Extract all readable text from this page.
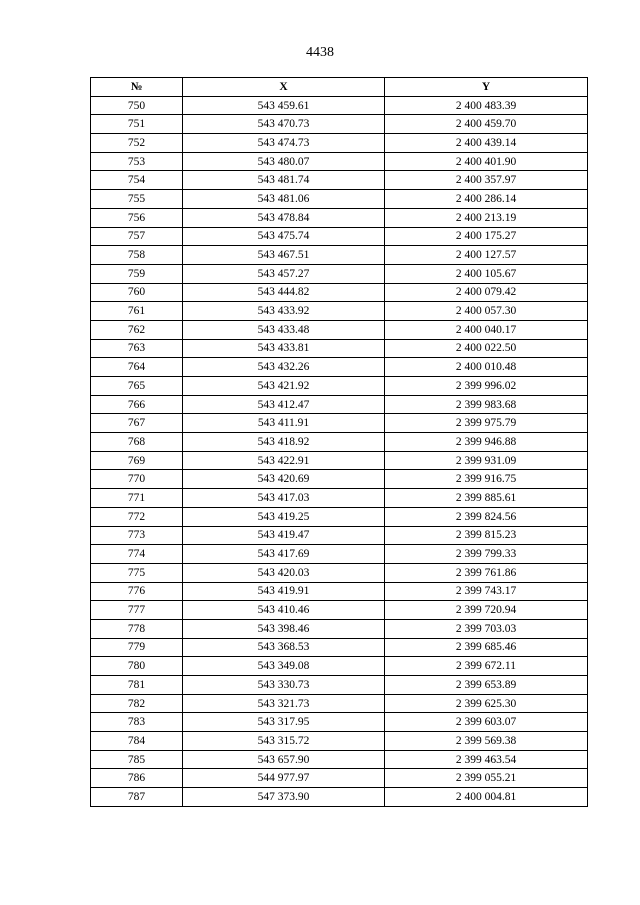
4438
№	X	Y
750	543 459.61	2 400 483.39
751	543 470.73	2 400 459.70
752	543 474.73	2 400 439.14
753	543 480.07	2 400 401.90
754	543 481.74	2 400 357.97
755	543 481.06	2 400 286.14
756	543 478.84	2 400 213.19
757	543 475.74	2 400 175.27
758	543 467.51	2 400 127.57
759	543 457.27	2 400 105.67
760	543 444.82	2 400 079.42
761	543 433.92	2 400 057.30
762	543 433.48	2 400 040.17
763	543 433.81	2 400 022.50
764	543 432.26	2 400 010.48
765	543 421.92	2 399 996.02
766	543 412.47	2 399 983.68
767	543 411.91	2 399 975.79
768	543 418.92	2 399 946.88
769	543 422.91	2 399 931.09
770	543 420.69	2 399 916.75
771	543 417.03	2 399 885.61
772	543 419.25	2 399 824.56
773	543 419.47	2 399 815.23
774	543 417.69	2 399 799.33
775	543 420.03	2 399 761.86
776	543 419.91	2 399 743.17
777	543 410.46	2 399 720.94
778	543 398.46	2 399 703.03
779	543 368.53	2 399 685.46
780	543 349.08	2 399 672.11
781	543 330.73	2 399 653.89
782	543 321.73	2 399 625.30
783	543 317.95	2 399 603.07
784	543 315.72	2 399 569.38
785	543 657.90	2 399 463.54
786	544 977.97	2 399 055.21
787	547 373.90	2 400 004.81
